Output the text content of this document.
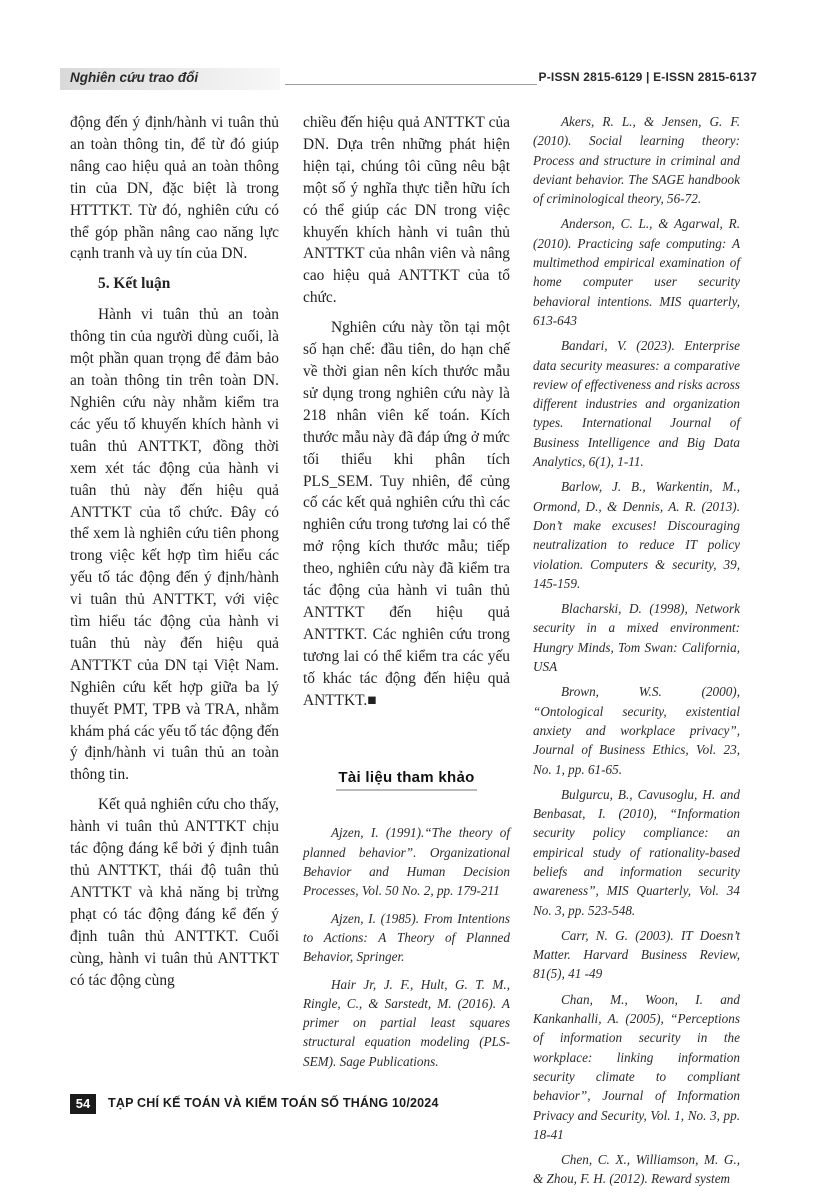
Nghiên cứu trao đổi	P-ISSN 2815-6129 | E-ISSN 2815-6137

động đến ý định/hành vi tuân thủ an toàn thông tin, để từ đó giúp nâng cao hiệu quả an toàn thông tin của DN, đặc biệt là trong HTTTKT. Từ đó, nghiên cứu có thể góp phần nâng cao năng lực cạnh tranh và uy tín của DN.

5. Kết luận

Hành vi tuân thủ an toàn thông tin của người dùng cuối, là một phần quan trọng để đảm bảo an toàn thông tin trên toàn DN. Nghiên cứu này nhằm kiểm tra các yếu tố khuyến khích hành vi tuân thủ ANTTKT, đồng thời xem xét tác động của hành vi tuân thủ này đến hiệu quả ANTTKT của tổ chức. Đây có thể xem là nghiên cứu tiên phong trong việc kết hợp tìm hiểu các yếu tố tác động đến ý định/hành vi tuân thủ ANTTKT, với việc tìm hiểu tác động của hành vi tuân thủ này đến hiệu quả ANTTKT của DN tại Việt Nam. Nghiên cứu kết hợp giữa ba lý thuyết PMT, TPB và TRA, nhằm khám phá các yếu tố tác động đến ý định/hành vi tuân thủ an toàn thông tin.

Kết quả nghiên cứu cho thấy, hành vi tuân thủ ANTTKT chịu tác động đáng kể bởi ý định tuân thủ ANTTKT, thái độ tuân thủ ANTTKT và khả năng bị trừng phạt có tác động đáng kể đến ý định tuân thủ ANTTKT. Cuối cùng, hành vi tuân thủ ANTTKT có tác động cùng

chiều đến hiệu quả ANTTKT của DN. Dựa trên những phát hiện hiện tại, chúng tôi cũng nêu bật một số ý nghĩa thực tiễn hữu ích có thể giúp các DN trong việc khuyến khích hành vi tuân thủ ANTTKT của nhân viên và nâng cao hiệu quả ANTTKT của tổ chức.

Nghiên cứu này tồn tại một số hạn chế: đầu tiên, do hạn chế về thời gian nên kích thước mẫu sử dụng trong nghiên cứu này là 218 nhân viên kế toán. Kích thước mẫu này đã đáp ứng ở mức tối thiểu khi phân tích PLS_SEM. Tuy nhiên, để củng cố các kết quả nghiên cứu thì các nghiên cứu trong tương lai có thể mở rộng kích thước mẫu; tiếp theo, nghiên cứu này đã kiểm tra tác động của hành vi tuân thủ ANTTKT đến hiệu quả ANTTKT. Các nghiên cứu trong tương lai có thể kiểm tra các yếu tố khác tác động đến hiệu quả ANTTKT.■

Tài liệu tham khảo

Ajzen, I. (1991).“The theory of planned behavior”. Organizational Behavior and Human Decision Processes, Vol. 50 No. 2, pp. 179-211

Ajzen, I. (1985). From Intentions to Actions: A Theory of Planned Behavior, Springer.

Hair Jr, J. F., Hult, G. T. M., Ringle, C., & Sarstedt, M. (2016). A primer on partial least squares structural equation modeling (PLS-SEM). Sage Publications.

Akers, R. L., & Jensen, G. F. (2010). Social learning theory: Process and structure in criminal and deviant behavior. The SAGE handbook of criminological theory, 56-72.

Anderson, C. L., & Agarwal, R. (2010). Practicing safe computing: A multimethod empirical examination of home computer user security behavioral intentions. MIS quarterly, 613-643

Bandari, V. (2023). Enterprise data security measures: a comparative review of effectiveness and risks across different industries and organization types. International Journal of Business Intelligence and Big Data Analytics, 6(1), 1-11.

Barlow, J. B., Warkentin, M., Ormond, D., & Dennis, A. R. (2013). Don’t make excuses! Discouraging neutralization to reduce IT policy violation. Computers & security, 39, 145-159.

Blacharski, D. (1998), Network security in a mixed environment: Hungry Minds, Tom Swan: California, USA

Brown, W.S. (2000), “Ontological security, existential anxiety and workplace privacy”, Journal of Business Ethics, Vol. 23, No. 1, pp. 61-65.

Bulgurcu, B., Cavusoglu, H. and Benbasat, I. (2010), “Information security policy compliance: an empirical study of rationality-based beliefs and information security awareness”, MIS Quarterly, Vol. 34 No. 3, pp. 523-548.

Carr, N. G. (2003). IT Doesn’t Matter. Harvard Business Review, 81(5), 41 -49

Chan, M., Woon, I. and Kankanhalli, A. (2005), “Perceptions of information security in the workplace: linking information security climate to compliant behavior”, Journal of Information Privacy and Security, Vol. 1, No. 3, pp. 18-41

Chen, C. X., Williamson, M. G., & Zhou, F. H. (2012). Reward system

54	TẠP CHÍ KẾ TOÁN VÀ KIỂM TOÁN SỐ THÁNG 10/2024
